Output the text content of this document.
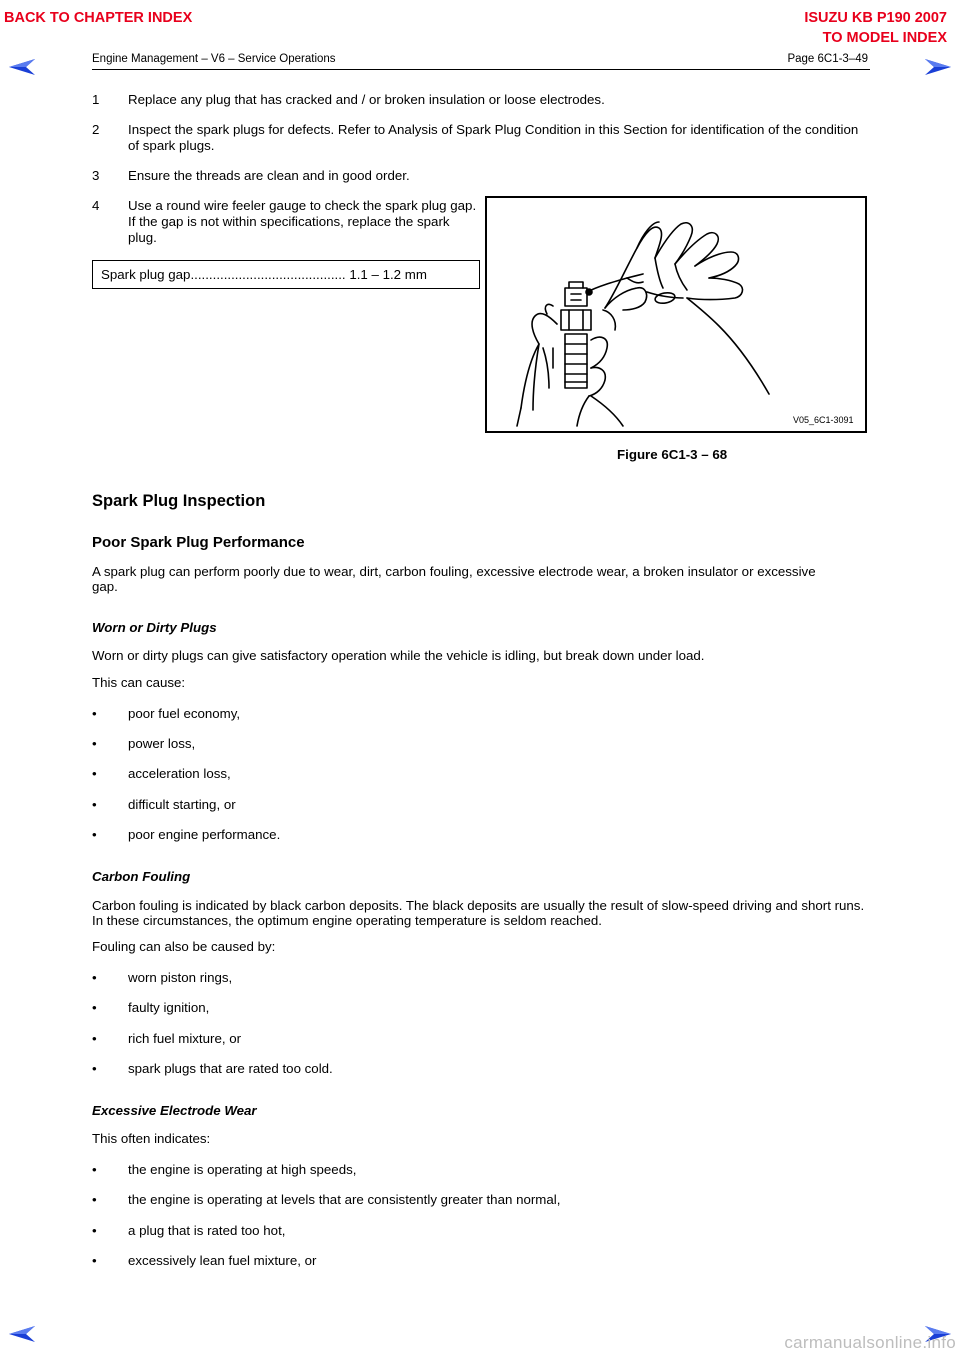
BACK TO CHAPTER INDEX	ISUZU KB P190 2007
TO MODEL INDEX
Engine Management – V6 – Service Operations	Page 6C1-3–49
1 Replace any plug that has cracked and / or broken insulation or loose electrodes.
2 Inspect the spark plugs for defects. Refer to Analysis of Spark Plug Condition in this Section for identification of the condition of spark plugs.
3 Ensure the threads are clean and in good order.
4 Use a round wire feeler gauge to check the spark plug gap. If the gap is not within specifications, replace the spark plug.
Spark plug gap.......................................... 1.1 – 1.2 mm
V05_6C1-3091
Figure 6C1-3 – 68
Spark Plug Inspection
Poor Spark Plug Performance
A spark plug can perform poorly due to wear, dirt, carbon fouling, excessive electrode wear, a broken insulator or excessive gap.
Worn or Dirty Plugs
Worn or dirty plugs can give satisfactory operation while the vehicle is idling, but break down under load.
This can cause:
• poor fuel economy,
• power loss,
• acceleration loss,
• difficult starting, or
• poor engine performance.
Carbon Fouling
Carbon fouling is indicated by black carbon deposits. The black deposits are usually the result of slow-speed driving and short runs. In these circumstances, the optimum engine operating temperature is seldom reached.
Fouling can also be caused by:
• worn piston rings,
• faulty ignition,
• rich fuel mixture, or
• spark plugs that are rated too cold.
Excessive Electrode Wear
This often indicates:
• the engine is operating at high speeds,
• the engine is operating at levels that are consistently greater than normal,
• a plug that is rated too hot,
• excessively lean fuel mixture, or
carmanualsonline.info
